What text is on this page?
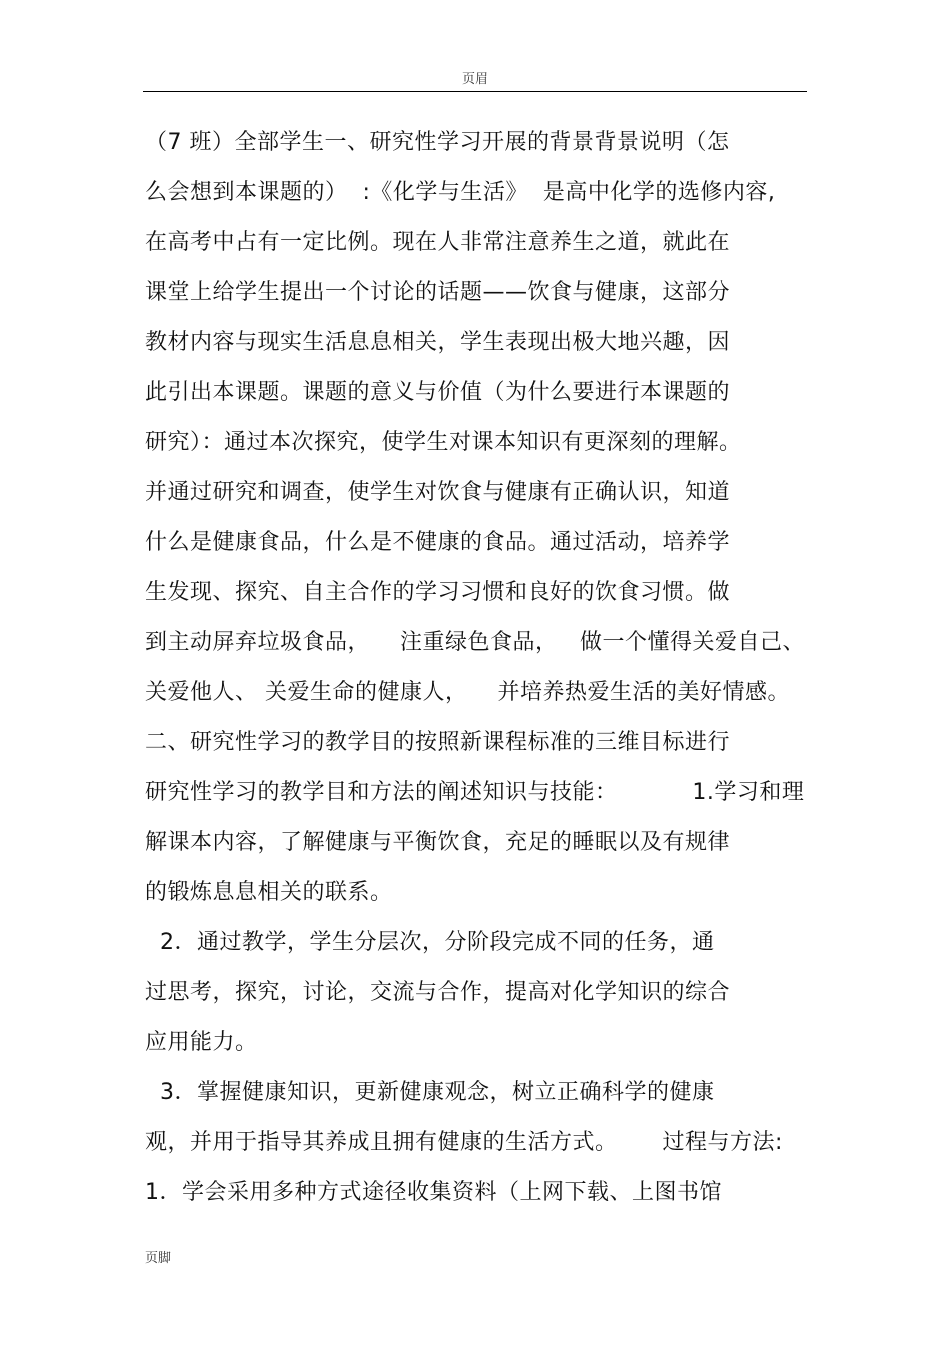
页眉
（7 班）全部学生一、研究性学习开展的背景背景说明（怎
么会想到本课题的）  :《化学与生活》  是高中化学的选修内容,
在高考中占有一定比例。现在人非常注意养生之道，就此在
课堂上给学生提出一个讨论的话题——饮食与健康，这部分
教材内容与现实生活息息相关，学生表现出极大地兴趣，因
此引出本课题。课题的意义与价值（为什么要进行本课题的
研究）：通过本次探究，使学生对课本知识有更深刻的理解。
并通过研究和调查，使学生对饮食与健康有正确认识，知道
什么是健康食品，什么是不健康的食品。通过活动，培养学
生发现、探究、自主合作的学习习惯和良好的饮食习惯。做
到主动屏弃垃圾食品，    注重绿色食品，   做一个懂得关爱自己、
关爱他人、 关爱生命的健康人，    并培养热爱生活的美好情感。
二、研究性学习的教学目的按照新课程标准的三维目标进行
研究性学习的教学目和方法的阐述知识与技能：          1.学习和理
解课本内容，了解健康与平衡饮食，充足的睡眠以及有规律
的锻炼息息相关的联系。
2．通过教学，学生分层次，分阶段完成不同的任务，通
过思考，探究，讨论，交流与合作，提高对化学知识的综合
应用能力。
3．掌握健康知识，更新健康观念，树立正确科学的健康
观，并用于指导其养成且拥有健康的生活方式。      过程与方法:
1．学会采用多种方式途径收集资料（上网下载、上图书馆
页脚
